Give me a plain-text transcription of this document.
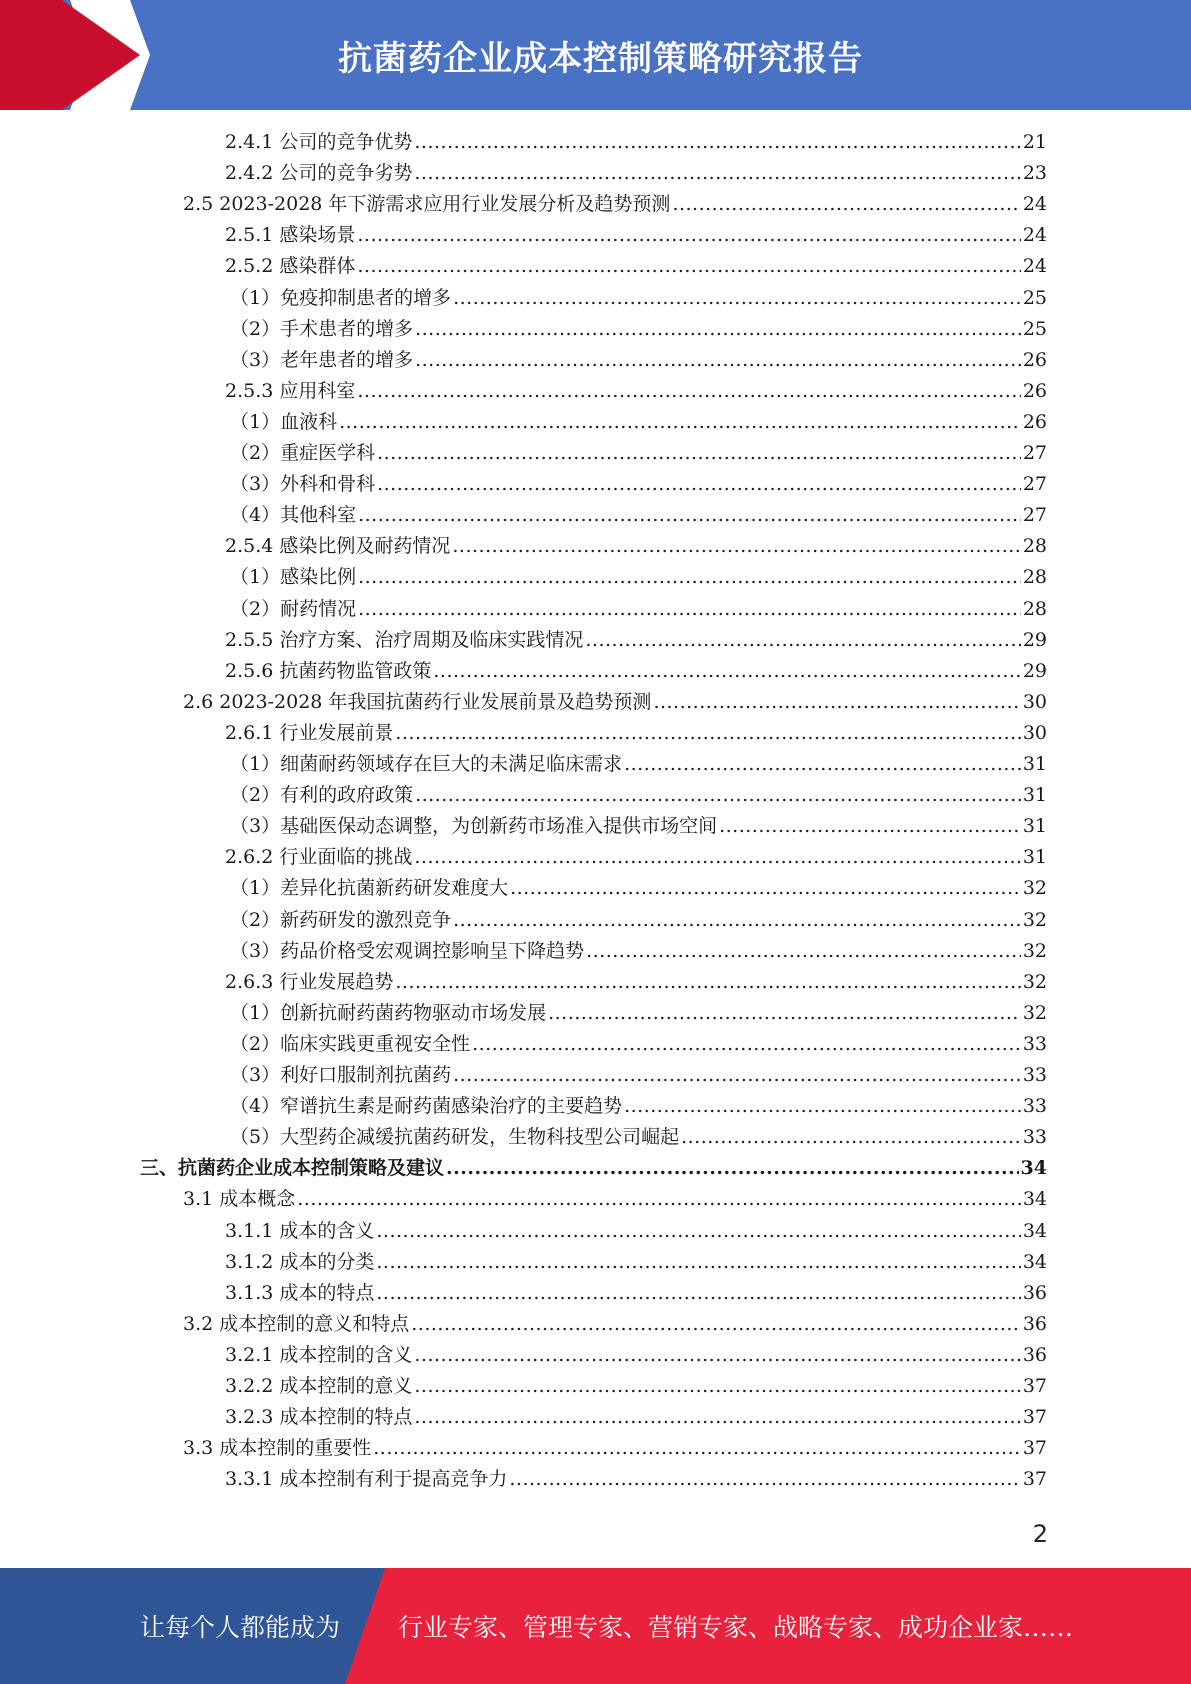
抗菌药企业成本控制策略研究报告
2.4.1 公司的竞争优势 .....	21
2.4.2 公司的竞争劣势 .....	23
2.5 2023-2028 年下游需求应用行业发展分析及趋势预测 .....	24
2.5.1 感染场景 .....	24
2.5.2 感染群体 .....	24
（1）免疫抑制患者的增多 .....	25
（2）手术患者的增多 .....	25
（3）老年患者的增多 .....	26
2.5.3 应用科室 .....	26
（1）血液科 .....	26
（2）重症医学科 .....	27
（3）外科和骨科 .....	27
（4）其他科室 .....	27
2.5.4 感染比例及耐药情况 .....	28
（1）感染比例 .....	28
（2）耐药情况 .....	28
2.5.5 治疗方案、治疗周期及临床实践情况 .....	29
2.5.6 抗菌药物监管政策 .....	29
2.6 2023-2028 年我国抗菌药行业发展前景及趋势预测 .....	30
2.6.1 行业发展前景 .....	30
（1）细菌耐药领域存在巨大的未满足临床需求 .....	31
（2）有利的政府政策 .....	31
（3）基础医保动态调整，为创新药市场准入提供市场空间 .....	31
2.6.2 行业面临的挑战 .....	31
（1）差异化抗菌新药研发难度大 .....	32
（2）新药研发的激烈竞争 .....	32
（3）药品价格受宏观调控影响呈下降趋势 .....	32
2.6.3 行业发展趋势 .....	32
（1）创新抗耐药菌药物驱动市场发展 .....	32
（2）临床实践更重视安全性 .....	33
（3）利好口服制剂抗菌药 .....	33
（4）窄谱抗生素是耐药菌感染治疗的主要趋势 .....	33
（5）大型药企减缓抗菌药研发，生物科技型公司崛起 .....	33
三、抗菌药企业成本控制策略及建议 .....	34
3.1 成本概念 .....	34
3.1.1 成本的含义 .....	34
3.1.2 成本的分类 .....	34
3.1.3 成本的特点 .....	36
3.2 成本控制的意义和特点 .....	36
3.2.1 成本控制的含义 .....	36
3.2.2 成本控制的意义 .....	37
3.2.3 成本控制的特点 .....	37
3.3 成本控制的重要性 .....	37
3.3.1 成本控制有利于提高竞争力 .....	37
2
让每个人都能成为 行业专家、管理专家、营销专家、战略专家、成功企业家……
